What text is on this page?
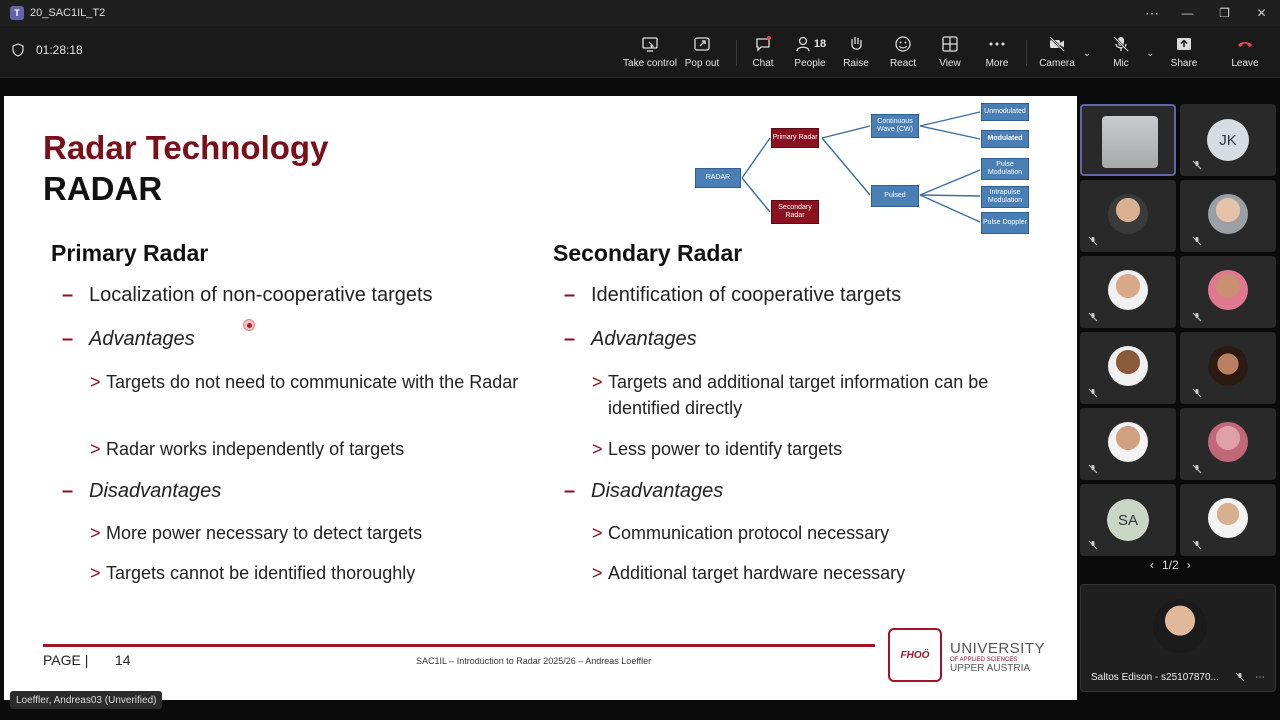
T 20_SAC1IL_T2	⋯	—	❐	✕
01:28:18
Take control Pop out	Chat
18
People Raise React View More	Camera
⌄
Mic
⌄
Share	Leave
Radar Technology
RADAR	RADAR
Primary Radar
Secondary Radar
Continuous Wave (CW)
Pulsed
Unmodulated
Modulated
Pulse Modulation
Intrapulse Modulation
Pulse Doppler
Primary Radar
– Localization of non-cooperative targets
– Advantages
> Targets do not need to communicate with the Radar
> Radar works independently of targets
– Disadvantages
> More power necessary to detect targets
> Targets cannot be identified thoroughly
Secondary Radar
– Identification of cooperative targets
– Advantages
> Targets and additional target information can be identified directly
> Less power to identify targets
– Disadvantages
> Communication protocol necessary
> Additional target hardware necessary
PAGE | 14	SAC1IL – Introduction to Radar 2025/26 – Andreas Loeffler
FHOÖ	UNIVERSITY
OF APPLIED SCIENCES
UPPER AUSTRIA
Loeffler, Andreas03 (Unverified)
JK
SA
‹ 1/2 ›
Saltos Edison - s25107870...	⋯
